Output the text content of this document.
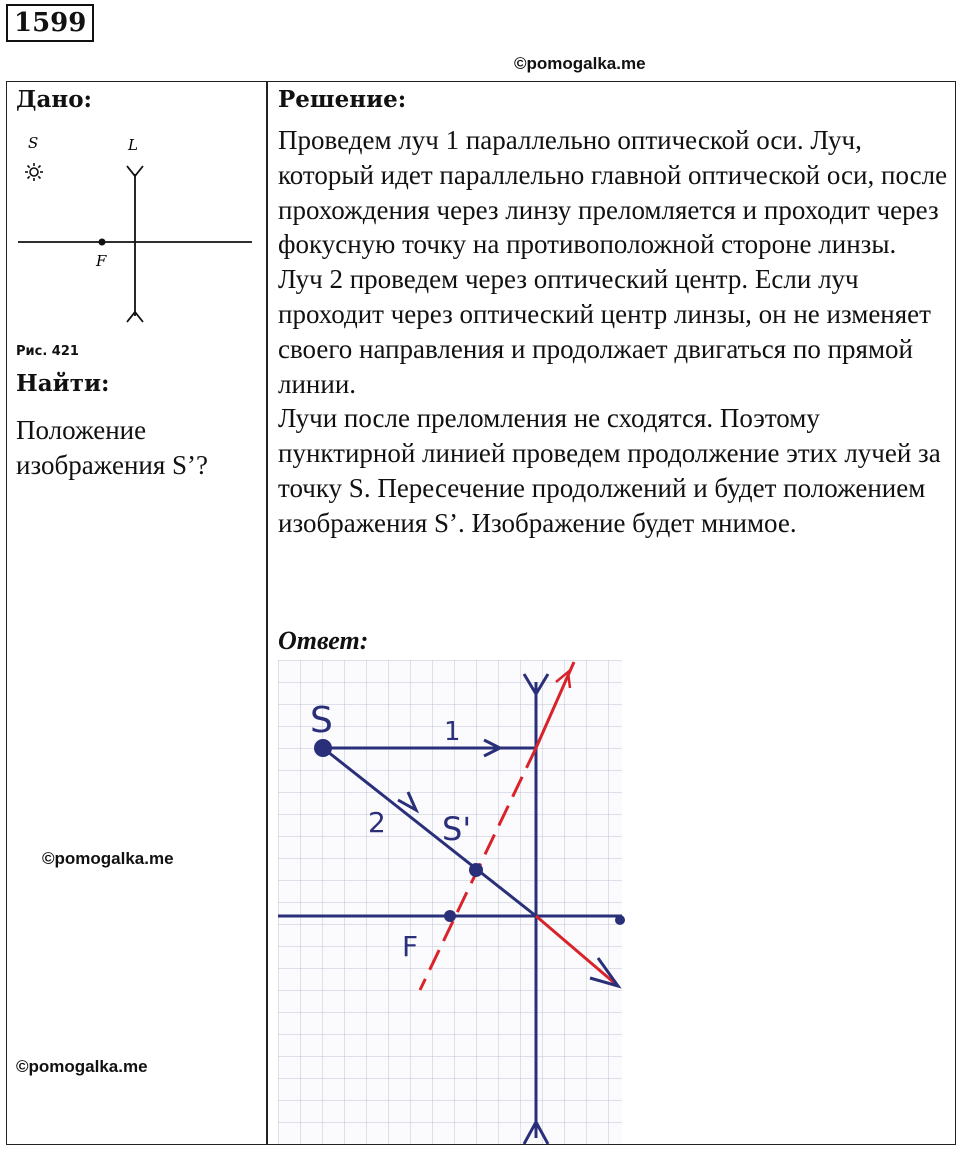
1599
©pomogalka.me
Дано:
S	L
F
Рис. 421
Найти:
Положение изображения S’?
©pomogalka.me
©pomogalka.me
Решение:
Проведем луч 1 параллельно оптической оси. Луч, который идет параллельно главной оптической оси, после прохождения через линзу преломляется и проходит через фокусную точку на противоположной стороне линзы.
Луч 2 проведем через оптический центр. Если луч проходит через оптический центр линзы, он не изменяет своего направления и продолжает двигаться по прямой линии.
Лучи после преломления не сходятся. Поэтому пунктирной линией проведем продолжение этих лучей за точку S. Пересечение продолжений и будет положением изображения S’. Изображение будет мнимое.
Ответ:
S
S'
F
1
2
